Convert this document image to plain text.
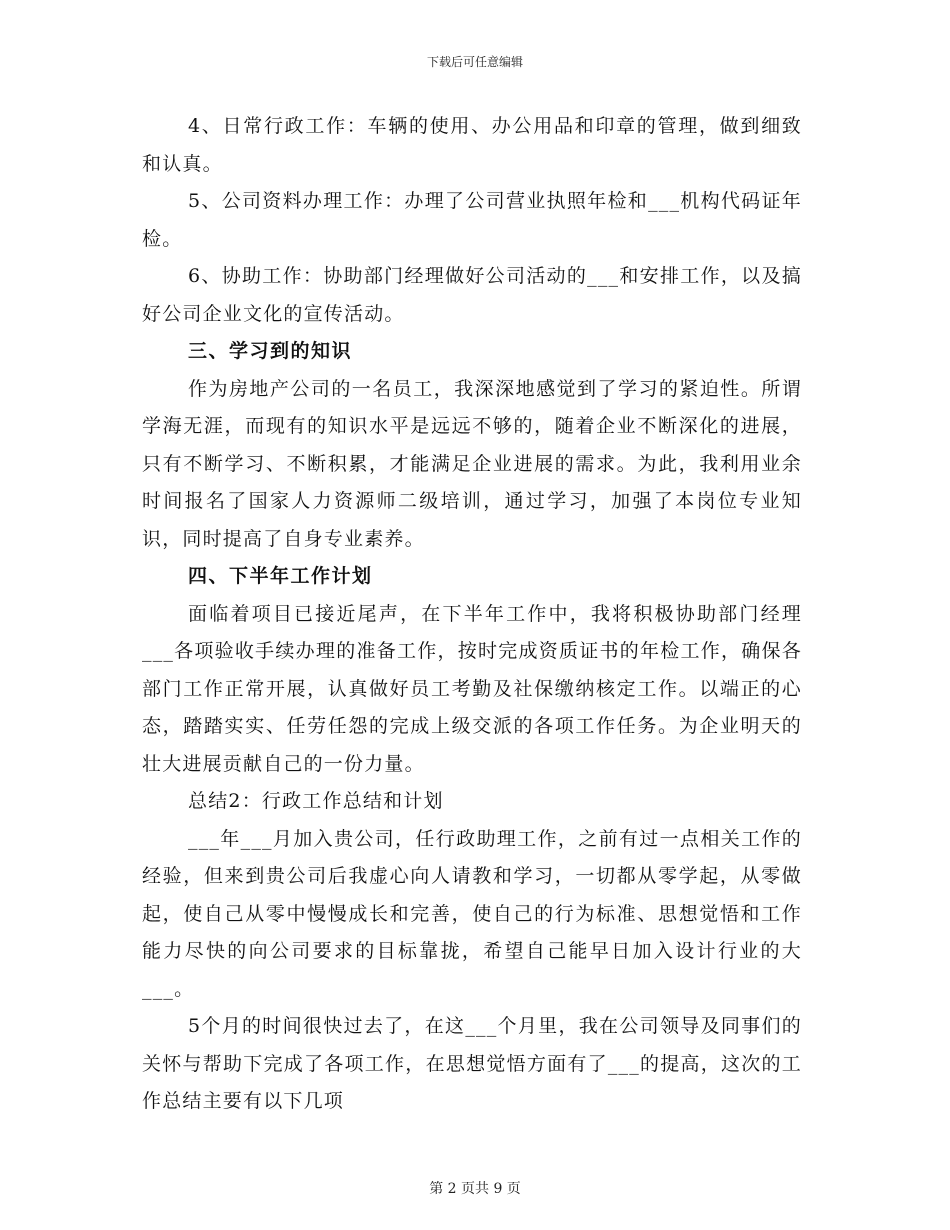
下载后可任意编辑

4、日常行政工作：车辆的使用、办公用品和印章的管理，做到细致和认真。

5、公司资料办理工作：办理了公司营业执照年检和___机构代码证年检。

6、协助工作：协助部门经理做好公司活动的___和安排工作，以及搞好公司企业文化的宣传活动。

三、学习到的知识

作为房地产公司的一名员工，我深深地感觉到了学习的紧迫性。所谓学海无涯，而现有的知识水平是远远不够的，随着企业不断深化的进展，只有不断学习、不断积累，才能满足企业进展的需求。为此，我利用业余时间报名了国家人力资源师二级培训，通过学习，加强了本岗位专业知识，同时提高了自身专业素养。

四、下半年工作计划

面临着项目已接近尾声，在下半年工作中，我将积极协助部门经理___各项验收手续办理的准备工作，按时完成资质证书的年检工作，确保各部门工作正常开展，认真做好员工考勤及社保缴纳核定工作。以端正的心态，踏踏实实、任劳任怨的完成上级交派的各项工作任务。为企业明天的壮大进展贡献自己的一份力量。

总结2：行政工作总结和计划

___年___月加入贵公司，任行政助理工作，之前有过一点相关工作的经验，但来到贵公司后我虚心向人请教和学习，一切都从零学起，从零做起，使自己从零中慢慢成长和完善，使自己的行为标准、思想觉悟和工作能力尽快的向公司要求的目标靠拢，希望自己能早日加入设计行业的大___。

5个月的时间很快过去了，在这___个月里，我在公司领导及同事们的关怀与帮助下完成了各项工作，在思想觉悟方面有了___的提高，这次的工作总结主要有以下几项

第 2 页共 9 页
